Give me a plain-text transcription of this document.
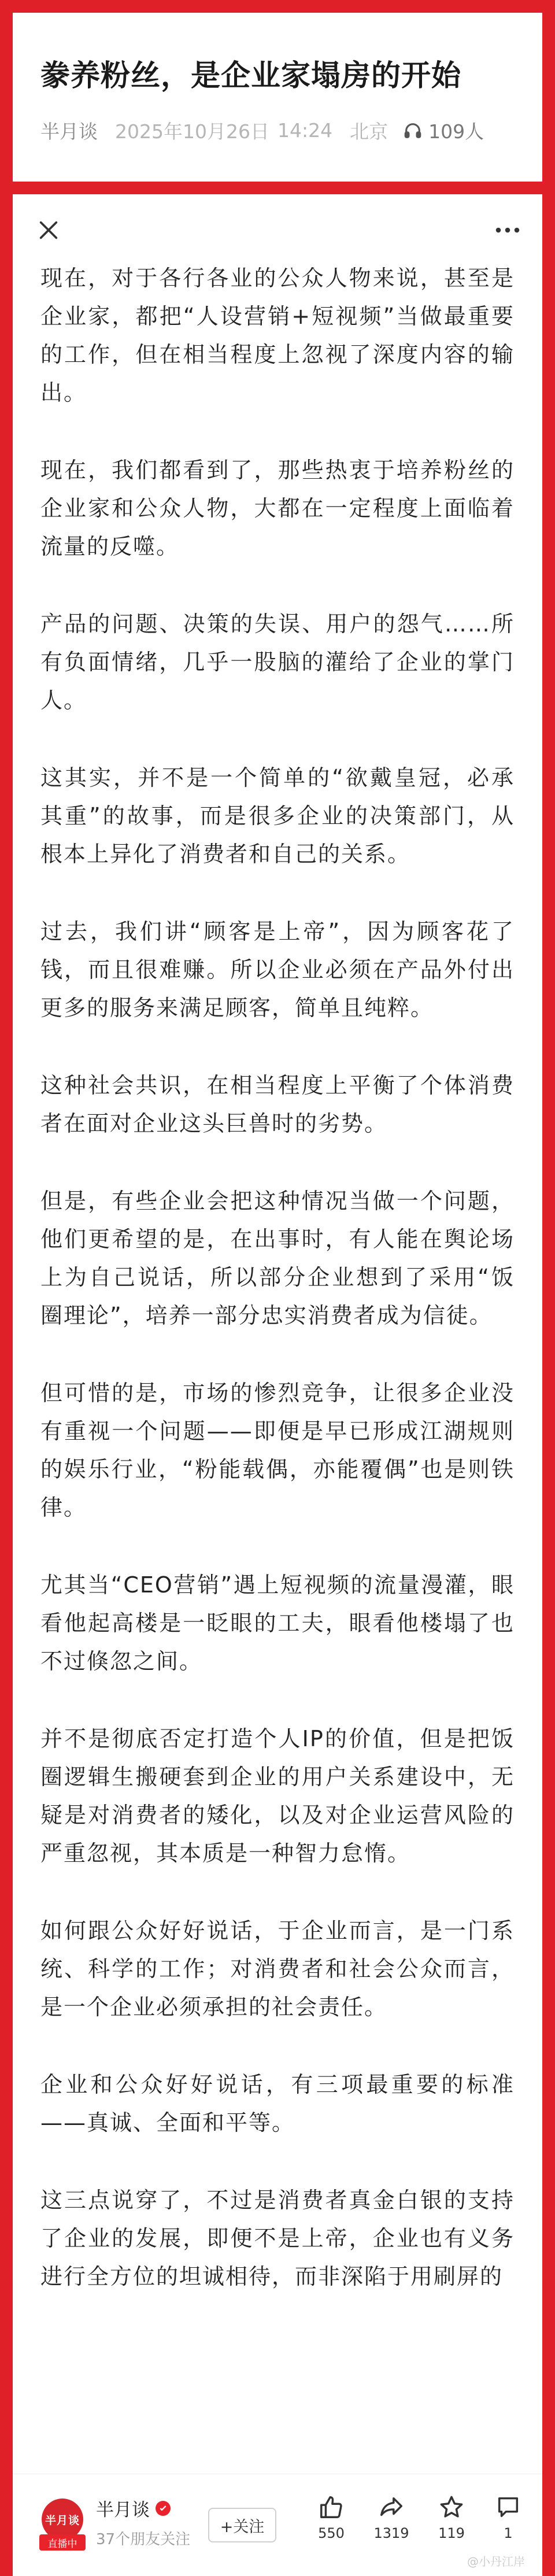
豢养粉丝，是企业家塌房的开始
半月谈 2025年10月26日 14:24 北京 109人

现在，对于各行各业的公众人物来说，甚至是企业家，都把“人设营销+短视频”当做最重要的工作，但在相当程度上忽视了深度内容的输出。

现在，我们都看到了，那些热衷于培养粉丝的企业家和公众人物，大都在一定程度上面临着流量的反噬。

产品的问题、决策的失误、用户的怨气……所有负面情绪，几乎一股脑的灌给了企业的掌门人。

这其实，并不是一个简单的“欲戴皇冠，必承其重”的故事，而是很多企业的决策部门，从根本上异化了消费者和自己的关系。

过去，我们讲“顾客是上帝”，因为顾客花了钱，而且很难赚。所以企业必须在产品外付出更多的服务来满足顾客，简单且纯粹。

这种社会共识，在相当程度上平衡了个体消费者在面对企业这头巨兽时的劣势。

但是，有些企业会把这种情况当做一个问题，他们更希望的是，在出事时，有人能在舆论场上为自己说话，所以部分企业想到了采用“饭圈理论”，培养一部分忠实消费者成为信徒。

但可惜的是，市场的惨烈竞争，让很多企业没有重视一个问题——即便是早已形成江湖规则的娱乐行业，“粉能载偶，亦能覆偶”也是则铁律。

尤其当“CEO营销”遇上短视频的流量漫灌，眼看他起高楼是一眨眼的工夫，眼看他楼塌了也不过倏忽之间。

并不是彻底否定打造个人IP的价值，但是把饭圈逻辑生搬硬套到企业的用户关系建设中，无疑是对消费者的矮化，以及对企业运营风险的严重忽视，其本质是一种智力怠惰。

如何跟公众好好说话，于企业而言，是一门系统、科学的工作；对消费者和社会公众而言，是一个企业必须承担的社会责任。

企业和公众好好说话，有三项最重要的标准——真诚、全面和平等。

这三点说穿了，不过是消费者真金白银的支持了企业的发展，即便不是上帝，企业也有义务进行全方位的坦诚相待，而非深陷于用刷屏的

半月谈
直播中
半月谈
37个朋友关注
+关注	550	1319	119	1
@小丹江岸
